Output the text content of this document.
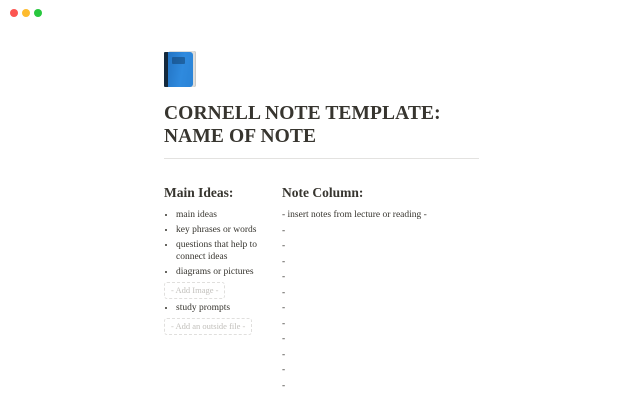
CORNELL NOTE TEMPLATE: NAME OF NOTE
Main Ideas:
• main ideas
• key phrases or words
• questions that help to connect ideas
• diagrams or pictures
- Add Image -
• study prompts
- Add an outside file -
Note Column:
- insert notes from lecture or reading -
-
-
-
-
-
-
-
-
-
-
-
